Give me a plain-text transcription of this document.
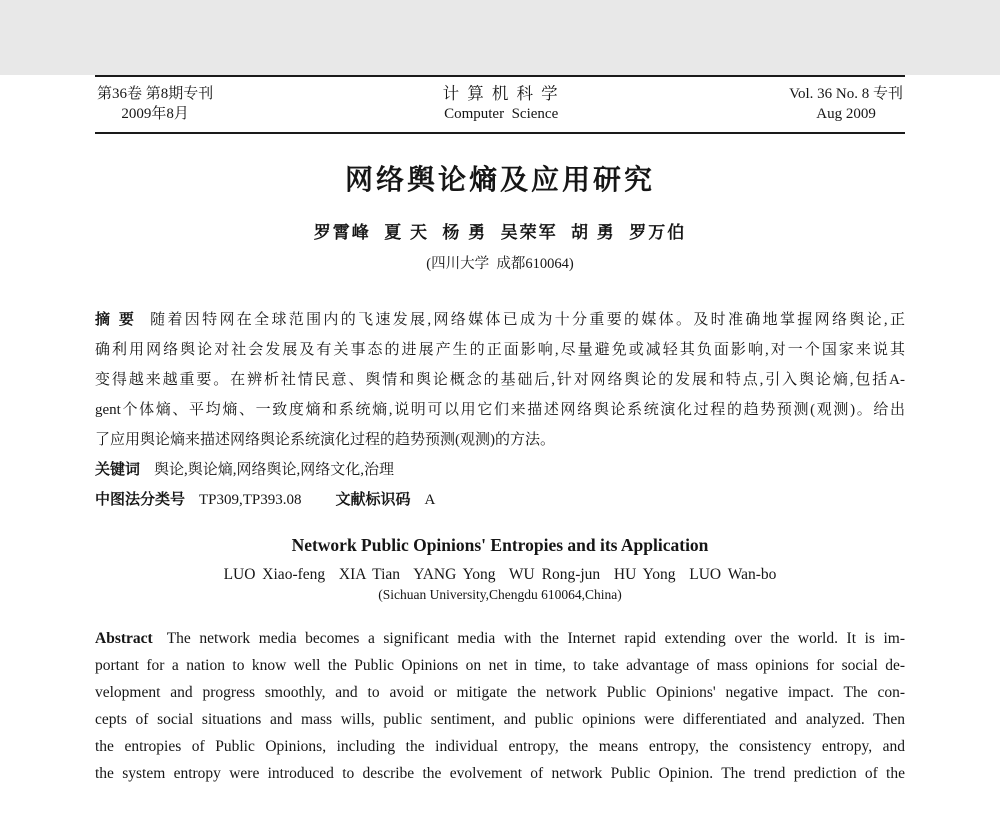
第36卷 第8期专刊
2009年8月
计 算 机 科 学
Computer  Science
Vol. 36 No. 8 专刊
Aug 2009
网络舆论熵及应用研究
罗霄峰  夏 天  杨 勇  吴荣军  胡 勇  罗万伯
(四川大学  成都610064)
摘 要 随着因特网在全球范围内的飞速发展,网络媒体已成为十分重要的媒体。及时准确地掌握网络舆论,正
确利用网络舆论对社会发展及有关事态的进展产生的正面影响,尽量避免或减轻其负面影响,对一个国家来说其
变得越来越重要。在辨析社情民意、舆情和舆论概念的基础后,针对网络舆论的发展和特点,引入舆论熵,包括A-
gent个体熵、平均熵、一致度熵和系统熵,说明可以用它们来描述网络舆论系统演化过程的趋势预测(观测)。给出
了应用舆论熵来描述网络舆论系统演化过程的趋势预测(观测)的方法。
关键词 舆论,舆论熵,网络舆论,网络文化,治理
中图法分类号 TP309,TP393.08 文献标识码 A
Network Public Opinions' Entropies and its Application
LUO Xiao-feng  XIA Tian  YANG Yong  WU Rong-jun  HU Yong  LUO Wan-bo
(Sichuan University,Chengdu 610064,China)
Abstract The network media becomes a significant media with the Internet rapid extending over the world. It is im-
portant for a nation to know well the Public Opinions on net in time, to take advantage of mass opinions for social de-
velopment and progress smoothly, and to avoid or mitigate the network Public Opinions' negative impact. The con-
cepts of social situations and mass wills, public sentiment, and public opinions were differentiated and analyzed. Then
the entropies of Public Opinions, including the individual entropy, the means entropy, the consistency entropy, and
the system entropy were introduced to describe the evolvement of network Public Opinion. The trend prediction of the
